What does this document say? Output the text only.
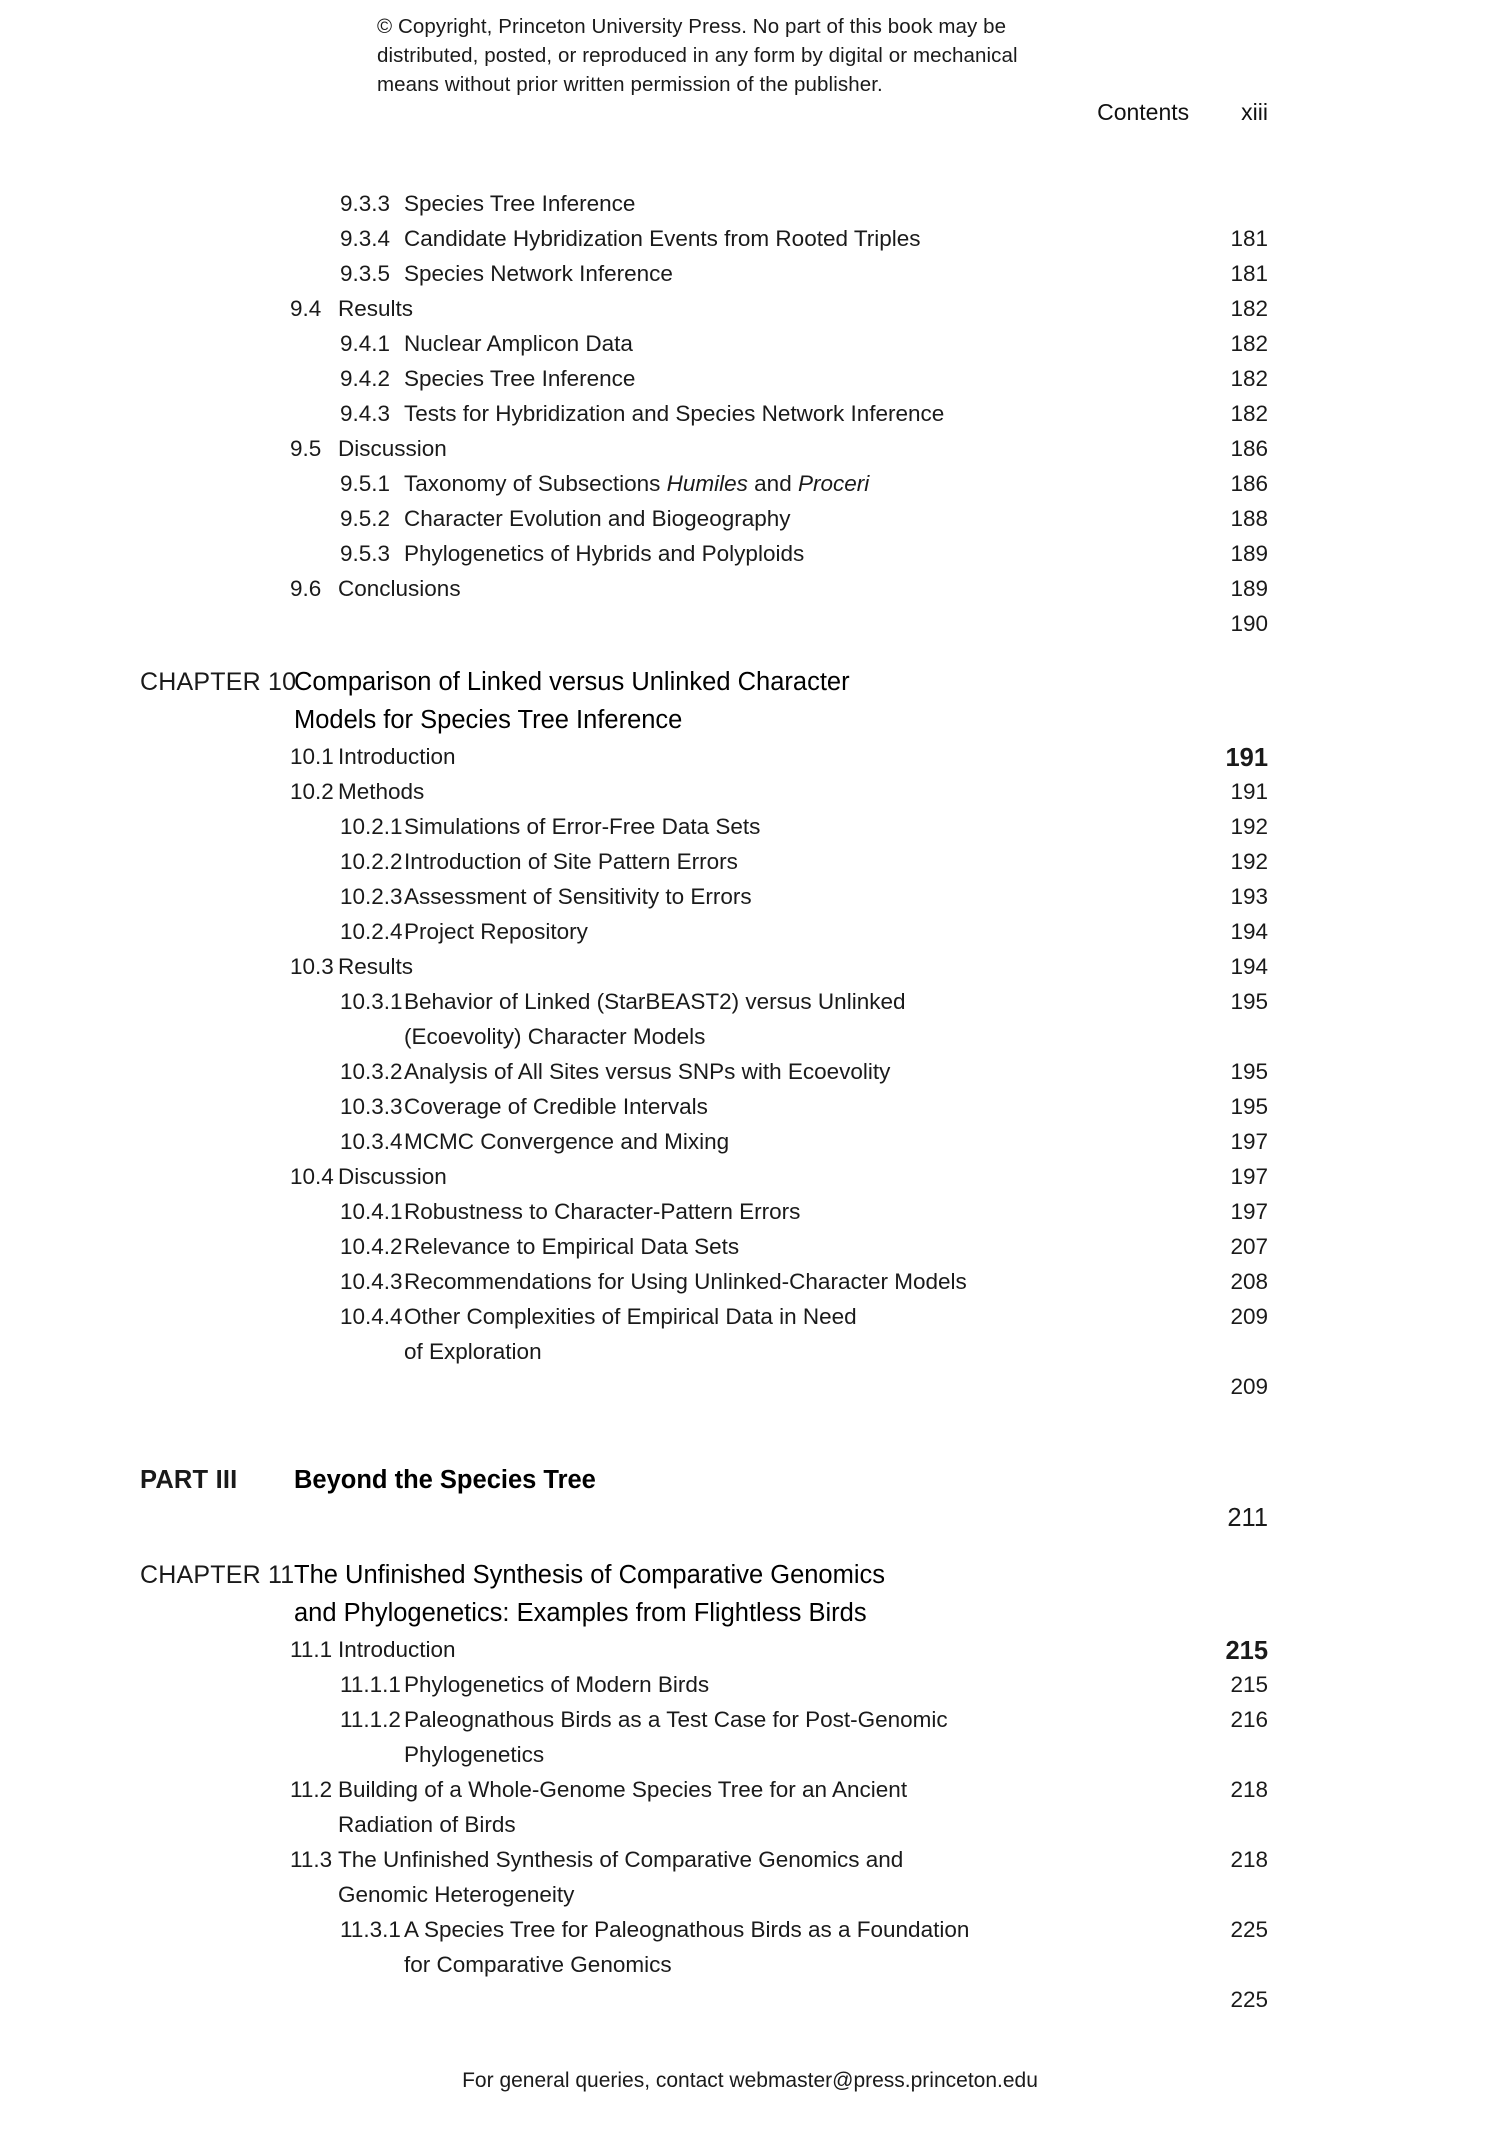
© Copyright, Princeton University Press. No part of this book may be
distributed, posted, or reproduced in any form by digital or mechanical
means without prior written permission of the publisher.
Contents xiii
9.3.3 Species Tree Inference
181
9.3.4 Candidate Hybridization Events from Rooted Triples
181
9.3.5 Species Network Inference
182
9.4 Results
182
9.4.1 Nuclear Amplicon Data
182
9.4.2 Species Tree Inference
182
9.4.3 Tests for Hybridization and Species Network Inference
186
9.5 Discussion
186
9.5.1 Taxonomy of Subsections Humiles and Proceri
188
9.5.2 Character Evolution and Biogeography
189
9.5.3 Phylogenetics of Hybrids and Polyploids
189
9.6 Conclusions
190
CHAPTER 10
Comparison of Linked versus Unlinked Character
Models for Species Tree Inference
191
10.1 Introduction
191
10.2 Methods
192
10.2.1 Simulations of Error-Free Data Sets
192
10.2.2 Introduction of Site Pattern Errors
193
10.2.3 Assessment of Sensitivity to Errors
194
10.2.4 Project Repository
194
10.3 Results
195
10.3.1 Behavior of Linked (StarBEAST2) versus Unlinked
(Ecoevolity) Character Models
195
10.3.2 Analysis of All Sites versus SNPs with Ecoevolity
195
10.3.3 Coverage of Credible Intervals
197
10.3.4 MCMC Convergence and Mixing
197
10.4 Discussion
197
10.4.1 Robustness to Character-Pattern Errors
207
10.4.2 Relevance to Empirical Data Sets
208
10.4.3 Recommendations for Using Unlinked-Character Models
209
10.4.4 Other Complexities of Empirical Data in Need
of Exploration
209
PART III Beyond the Species Tree
211
CHAPTER 11 The Unfinished Synthesis of Comparative Genomics
and Phylogenetics: Examples from Flightless Birds
215
11.1 Introduction
215
11.1.1 Phylogenetics of Modern Birds
216
11.1.2 Paleognathous Birds as a Test Case for Post-Genomic
Phylogenetics
218
11.2 Building of a Whole-Genome Species Tree for an Ancient
Radiation of Birds
218
11.3 The Unfinished Synthesis of Comparative Genomics and
Genomic Heterogeneity
225
11.3.1 A Species Tree for Paleognathous Birds as a Foundation
for Comparative Genomics
225
For general queries, contact webmaster@press.princeton.edu
